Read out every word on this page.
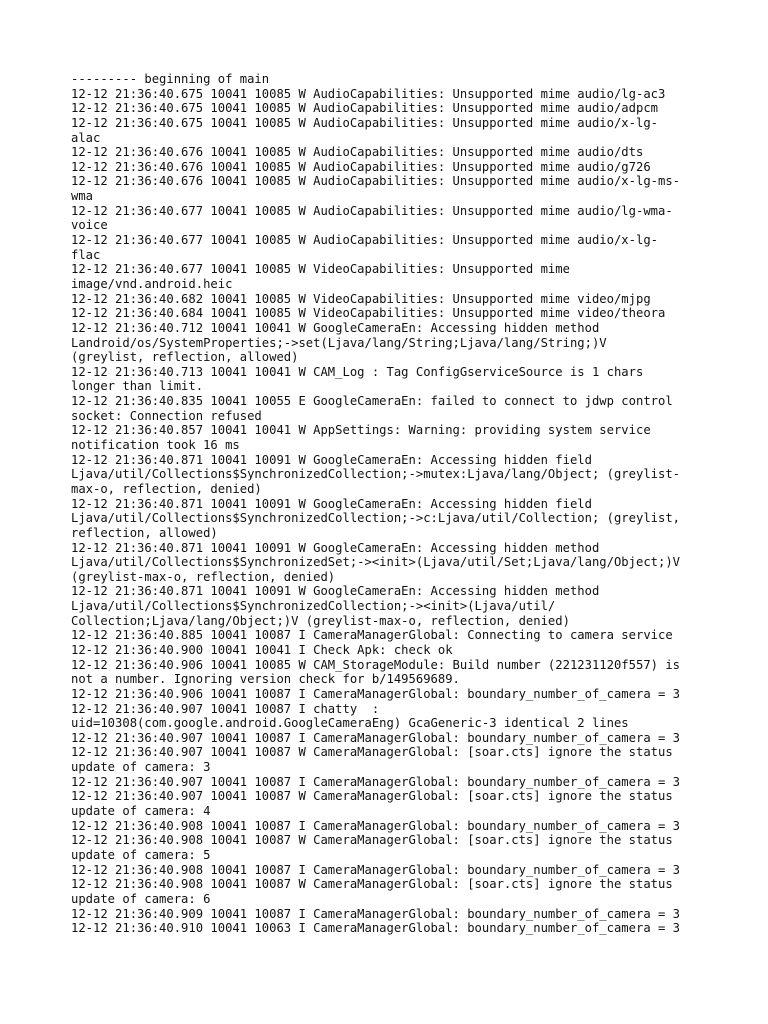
--------- beginning of main
12-12 21:36:40.675 10041 10085 W AudioCapabilities: Unsupported mime audio/lg-ac3
12-12 21:36:40.675 10041 10085 W AudioCapabilities: Unsupported mime audio/adpcm
12-12 21:36:40.675 10041 10085 W AudioCapabilities: Unsupported mime audio/x-lg-
alac
12-12 21:36:40.676 10041 10085 W AudioCapabilities: Unsupported mime audio/dts
12-12 21:36:40.676 10041 10085 W AudioCapabilities: Unsupported mime audio/g726
12-12 21:36:40.676 10041 10085 W AudioCapabilities: Unsupported mime audio/x-lg-ms-
wma
12-12 21:36:40.677 10041 10085 W AudioCapabilities: Unsupported mime audio/lg-wma-
voice
12-12 21:36:40.677 10041 10085 W AudioCapabilities: Unsupported mime audio/x-lg-
flac
12-12 21:36:40.677 10041 10085 W VideoCapabilities: Unsupported mime
image/vnd.android.heic
12-12 21:36:40.682 10041 10085 W VideoCapabilities: Unsupported mime video/mjpg
12-12 21:36:40.684 10041 10085 W VideoCapabilities: Unsupported mime video/theora
12-12 21:36:40.712 10041 10041 W GoogleCameraEn: Accessing hidden method
Landroid/os/SystemProperties;->set(Ljava/lang/String;Ljava/lang/String;)V
(greylist, reflection, allowed)
12-12 21:36:40.713 10041 10041 W CAM_Log : Tag ConfigGserviceSource is 1 chars
longer than limit.
12-12 21:36:40.835 10041 10055 E GoogleCameraEn: failed to connect to jdwp control
socket: Connection refused
12-12 21:36:40.857 10041 10041 W AppSettings: Warning: providing system service
notification took 16 ms
12-12 21:36:40.871 10041 10091 W GoogleCameraEn: Accessing hidden field
Ljava/util/Collections$SynchronizedCollection;->mutex:Ljava/lang/Object; (greylist-
max-o, reflection, denied)
12-12 21:36:40.871 10041 10091 W GoogleCameraEn: Accessing hidden field
Ljava/util/Collections$SynchronizedCollection;->c:Ljava/util/Collection; (greylist,
reflection, allowed)
12-12 21:36:40.871 10041 10091 W GoogleCameraEn: Accessing hidden method
Ljava/util/Collections$SynchronizedSet;-><init>(Ljava/util/Set;Ljava/lang/Object;)V
(greylist-max-o, reflection, denied)
12-12 21:36:40.871 10041 10091 W GoogleCameraEn: Accessing hidden method
Ljava/util/Collections$SynchronizedCollection;-><init>(Ljava/util/
Collection;Ljava/lang/Object;)V (greylist-max-o, reflection, denied)
12-12 21:36:40.885 10041 10087 I CameraManagerGlobal: Connecting to camera service
12-12 21:36:40.900 10041 10041 I Check Apk: check ok
12-12 21:36:40.906 10041 10085 W CAM_StorageModule: Build number (221231120f557) is
not a number. Ignoring version check for b/149569689.
12-12 21:36:40.906 10041 10087 I CameraManagerGlobal: boundary_number_of_camera = 3
12-12 21:36:40.907 10041 10087 I chatty  :
uid=10308(com.google.android.GoogleCameraEng) GcaGeneric-3 identical 2 lines
12-12 21:36:40.907 10041 10087 I CameraManagerGlobal: boundary_number_of_camera = 3
12-12 21:36:40.907 10041 10087 W CameraManagerGlobal: [soar.cts] ignore the status
update of camera: 3
12-12 21:36:40.907 10041 10087 I CameraManagerGlobal: boundary_number_of_camera = 3
12-12 21:36:40.907 10041 10087 W CameraManagerGlobal: [soar.cts] ignore the status
update of camera: 4
12-12 21:36:40.908 10041 10087 I CameraManagerGlobal: boundary_number_of_camera = 3
12-12 21:36:40.908 10041 10087 W CameraManagerGlobal: [soar.cts] ignore the status
update of camera: 5
12-12 21:36:40.908 10041 10087 I CameraManagerGlobal: boundary_number_of_camera = 3
12-12 21:36:40.908 10041 10087 W CameraManagerGlobal: [soar.cts] ignore the status
update of camera: 6
12-12 21:36:40.909 10041 10087 I CameraManagerGlobal: boundary_number_of_camera = 3
12-12 21:36:40.910 10041 10063 I CameraManagerGlobal: boundary_number_of_camera = 3
